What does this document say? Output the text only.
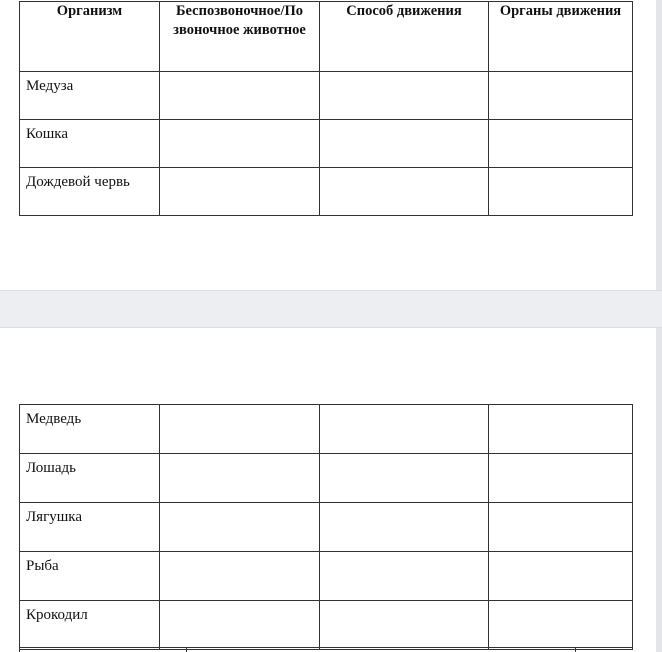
Организм	Беспозвоночное/По звоночное животное	Способ движения	Органы движения

Медуза			

Кошка			

Дождевой червь			

Медведь			

Лошадь			

Лягушка			

Рыба			

Крокодил			
